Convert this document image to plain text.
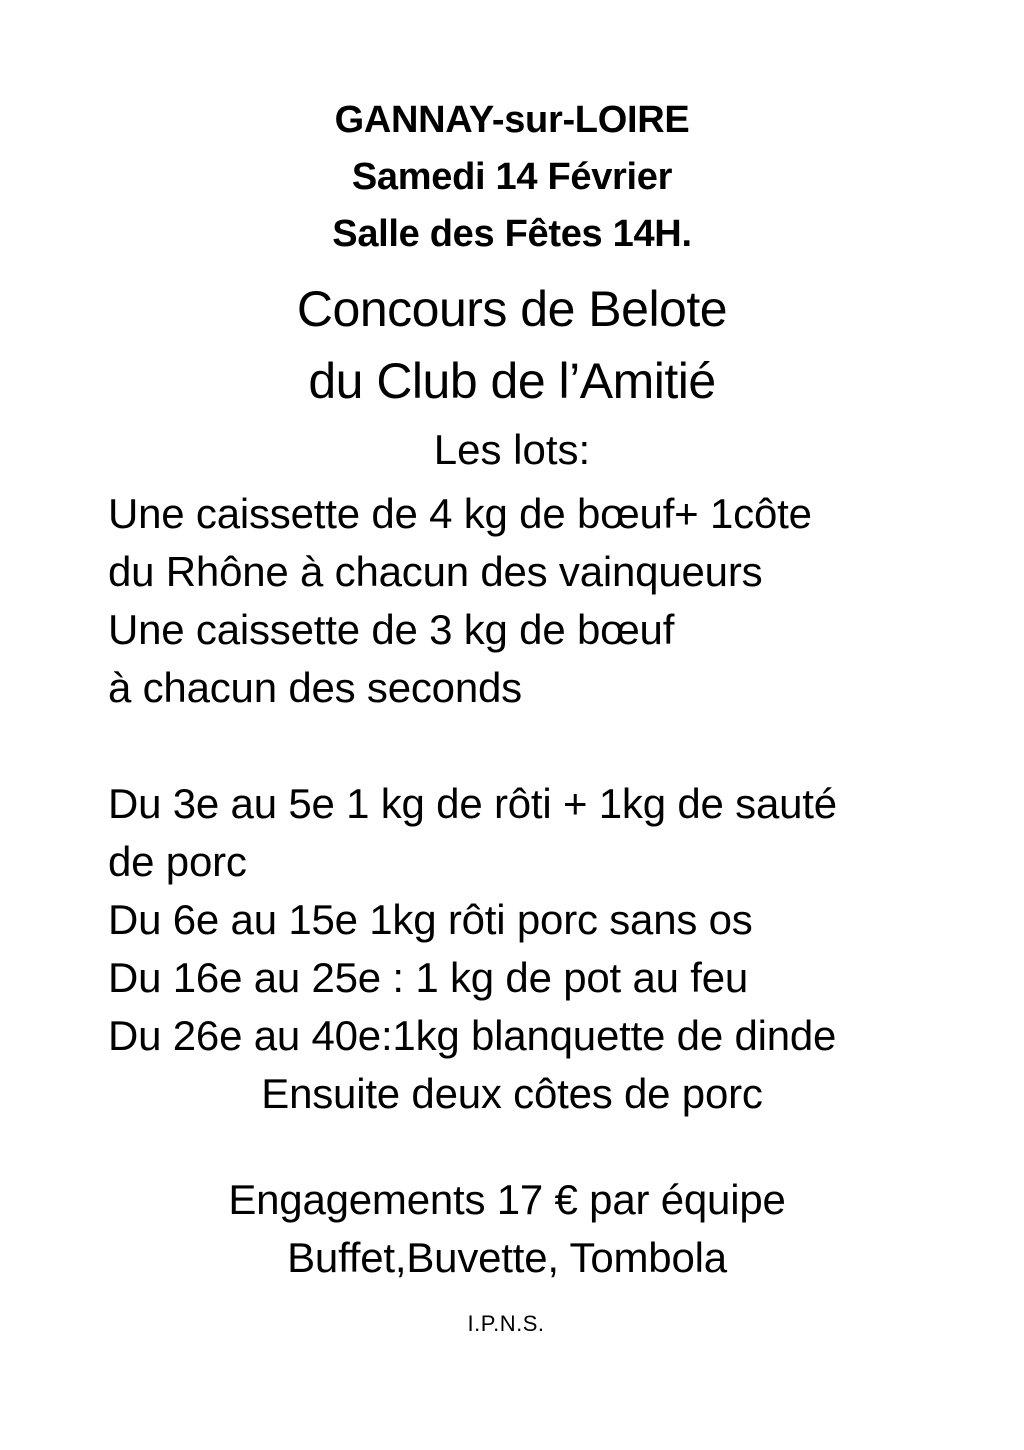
GANNAY-sur-LOIRE
Samedi 14 Février
Salle des Fêtes 14H.
Concours de Belote
du Club de l’Amitié
Les lots:
Une caissette de 4 kg de bœuf+ 1côte
du Rhône à chacun des vainqueurs
Une caissette de 3 kg de bœuf
à chacun des seconds
Du 3e au 5e 1 kg de rôti + 1kg de sauté
de porc
Du 6e au 15e 1kg rôti porc sans os
Du 16e au 25e : 1 kg de pot au feu
Du 26e au 40e:1kg blanquette de dinde
Ensuite deux côtes de porc
Engagements 17 € par équipe
Buffet,Buvette, Tombola
I.P.N.S.
